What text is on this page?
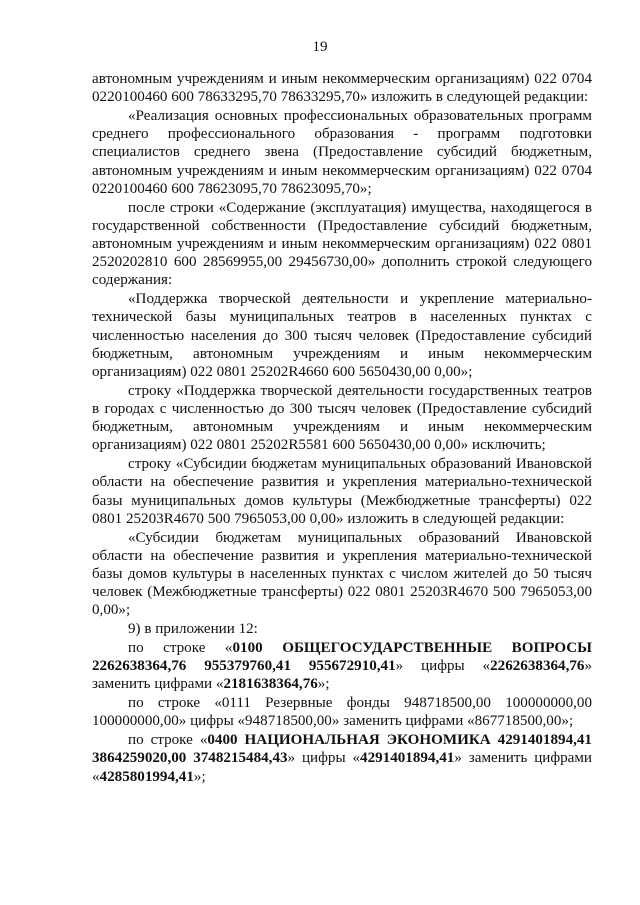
19

автономным учреждениям и иным некоммерческим организациям) 022 0704 0220100460 600 78633295,70 78633295,70» изложить в следующей редакции:

«Реализация основных профессиональных образовательных программ среднего профессионального образования - программ подготовки специалистов среднего звена (Предоставление субсидий бюджетным, автономным учреждениям и иным некоммерческим организациям) 022 0704 0220100460 600 78623095,70 78623095,70»;

после строки «Содержание (эксплуатация) имущества, находящегося в государственной собственности (Предоставление субсидий бюджетным, автономным учреждениям и иным некоммерческим организациям) 022 0801 2520202810 600 28569955,00 29456730,00» дополнить строкой следующего содержания:

«Поддержка творческой деятельности и укрепление материально-технической базы муниципальных театров в населенных пунктах с численностью населения до 300 тысяч человек (Предоставление субсидий бюджетным, автономным учреждениям и иным некоммерческим организациям) 022 0801 25202R4660 600 5650430,00 0,00»;

строку «Поддержка творческой деятельности государственных театров в городах с численностью до 300 тысяч человек (Предоставление субсидий бюджетным, автономным учреждениям и иным некоммерческим организациям) 022 0801 25202R5581 600 5650430,00 0,00» исключить;

строку «Субсидии бюджетам муниципальных образований Ивановской области на обеспечение развития и укрепления материально-технической базы муниципальных домов культуры (Межбюджетные трансферты) 022 0801 25203R4670 500 7965053,00 0,00» изложить в следующей редакции:

«Субсидии бюджетам муниципальных образований Ивановской области на обеспечение развития и укрепления материально-технической базы домов культуры в населенных пунктах с числом жителей до 50 тысяч человек (Межбюджетные трансферты) 022 0801 25203R4670 500 7965053,00 0,00»;

9) в приложении 12:

по строке «0100 ОБЩЕГОСУДАРСТВЕННЫЕ ВОПРОСЫ 2262638364,76 955379760,41 955672910,41» цифры «2262638364,76» заменить цифрами «2181638364,76»;

по строке «0111 Резервные фонды 948718500,00 100000000,00 100000000,00» цифры «948718500,00» заменить цифрами «867718500,00»;

по строке «0400 НАЦИОНАЛЬНАЯ ЭКОНОМИКА 4291401894,41 3864259020,00 3748215484,43» цифры «4291401894,41» заменить цифрами «4285801994,41»;
